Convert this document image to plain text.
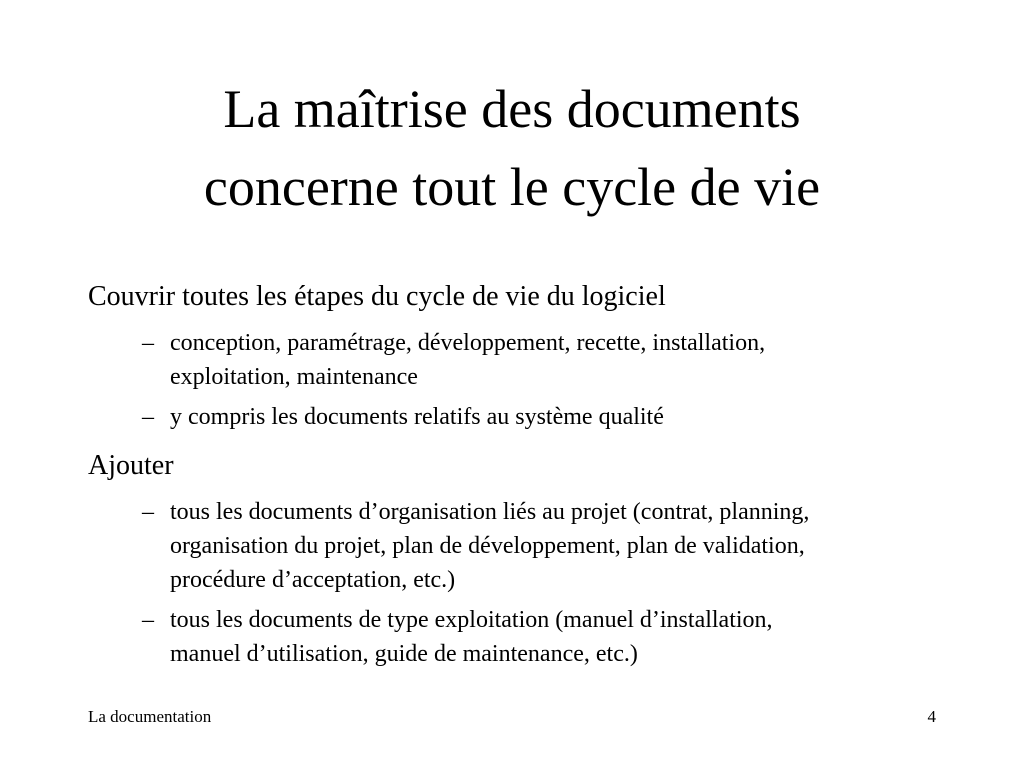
La maîtrise des documents
concerne tout le cycle de vie
Couvrir toutes les étapes du cycle de vie du logiciel
– conception, paramétrage, développement, recette, installation,
exploitation, maintenance
– y compris les documents relatifs au système qualité
Ajouter
– tous les documents d’organisation liés au projet (contrat, planning,
organisation du projet, plan de développement, plan de validation,
procédure d’acceptation, etc.)
– tous les documents de type exploitation (manuel d’installation,
manuel d’utilisation, guide de maintenance, etc.)
La documentation	4
